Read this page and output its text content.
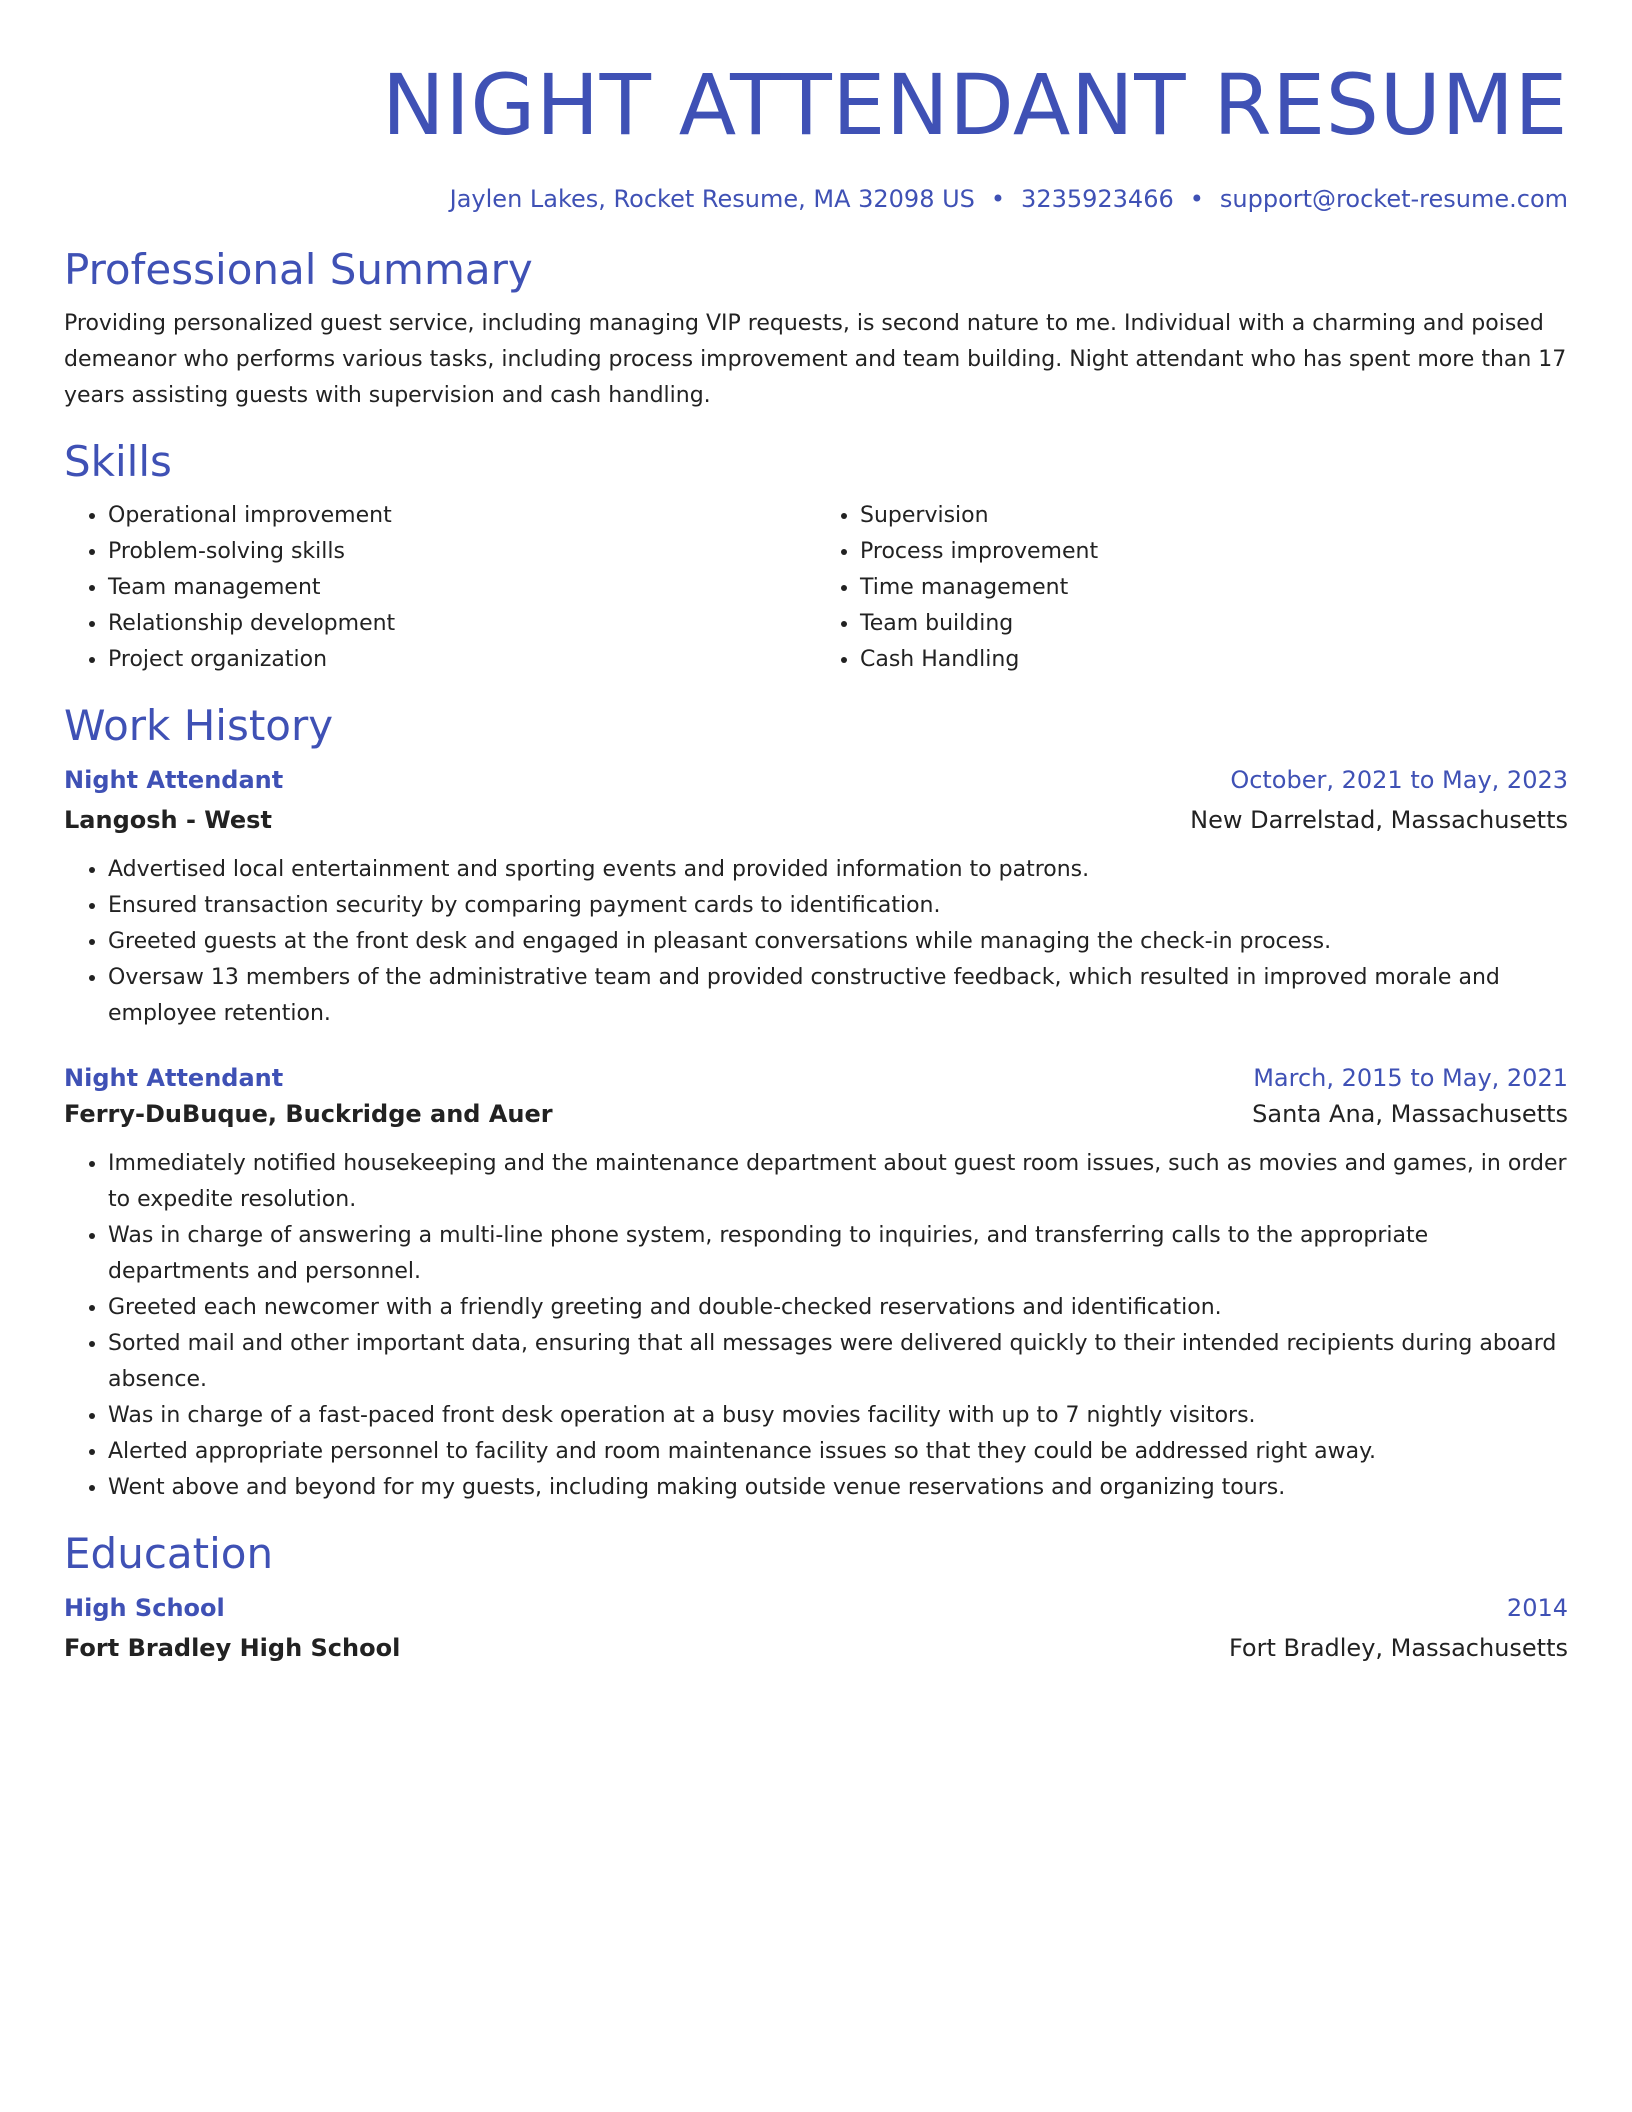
NIGHT ATTENDANT RESUME
Jaylen Lakes, Rocket Resume, MA 32098 US • 3235923466 • support@rocket-resume.com
Professional Summary

Providing personalized guest service, including managing VIP requests, is second nature to me. Individual with a charming and poised demeanor who performs various tasks, including process improvement and team building. Night attendant who has spent more than 17 years assisting guests with supervision and cash handling.

Skills
• Operational improvement
• Problem-solving skills
• Team management
• Relationship development
• Project organization
• Supervision
• Process improvement
• Time management
• Team building
• Cash Handling
Work History
Night Attendant	October, 2021 to May, 2023
Langosh - West	New Darrelstad, Massachusetts
• Advertised local entertainment and sporting events and provided information to patrons.
• Ensured transaction security by comparing payment cards to identification.
• Greeted guests at the front desk and engaged in pleasant conversations while managing the check-in process.
• Oversaw 13 members of the administrative team and provided constructive feedback, which resulted in improved morale and employee retention.
Night Attendant	March, 2015 to May, 2021
Ferry-DuBuque, Buckridge and Auer	Santa Ana, Massachusetts
• Immediately notified housekeeping and the maintenance department about guest room issues, such as movies and games, in order to expedite resolution.
• Was in charge of answering a multi-line phone system, responding to inquiries, and transferring calls to the appropriate departments and personnel.
• Greeted each newcomer with a friendly greeting and double-checked reservations and identification.
• Sorted mail and other important data, ensuring that all messages were delivered quickly to their intended recipients during aboard absence.
• Was in charge of a fast-paced front desk operation at a busy movies facility with up to 7 nightly visitors.
• Alerted appropriate personnel to facility and room maintenance issues so that they could be addressed right away.
• Went above and beyond for my guests, including making outside venue reservations and organizing tours.
Education
High School	2014
Fort Bradley High School	Fort Bradley, Massachusetts
